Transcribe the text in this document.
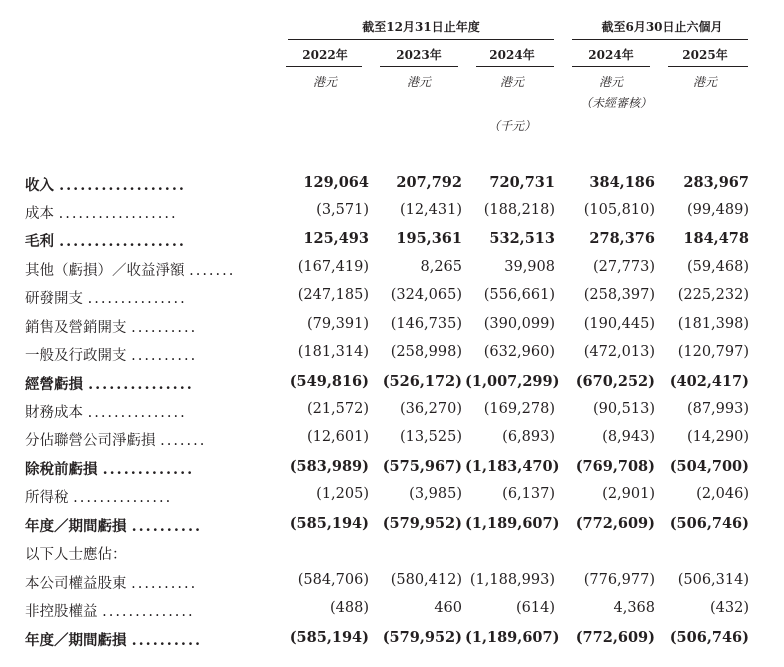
截至12月31日止年度	截至6月30日止六個月
2022年	2023年	2024年	2024年	2025年
港元	港元	港元	港元	港元
（未經審核）
（千元）
收入 ..................	129,064	207,792	720,731	384,186	283,967
成本 ..................	(3,571)	(12,431)	(188,218)	(105,810)	(99,489)
毛利 ..................	125,493	195,361	532,513	278,376	184,478
其他（虧損）／收益淨額 .......	(167,419)	8,265	39,908	(27,773)	(59,468)
研發開支 ...............	(247,185)	(324,065)	(556,661)	(258,397)	(225,232)
銷售及營銷開支 ..........	(79,391)	(146,735)	(390,099)	(190,445)	(181,398)
一般及行政開支 ..........	(181,314)	(258,998)	(632,960)	(472,013)	(120,797)
經營虧損 ...............	(549,816) (526,172) (1,007,299)	(670,252)	(402,417)
財務成本 ...............	(21,572)	(36,270)	(169,278)	(90,513)	(87,993)
分佔聯營公司淨虧損 .......	(12,601)	(13,525)	(6,893)	(8,943)	(14,290)
除稅前虧損 .............	(583,989) (575,967) (1,183,470)	(769,708)	(504,700)
所得稅 ...............	(1,205)	(3,985)	(6,137)	(2,901)	(2,046)
年度／期間虧損 ..........	(585,194) (579,952) (1,189,607)	(772,609)	(506,746)
以下人士應佔：
本公司權益股東 ..........	(584,706)	(580,412) (1,188,993)	(776,977)	(506,314)
非控股權益 ..............	(488)	460	(614)	4,368	(432)
年度／期間虧損 ..........	(585,194) (579,952) (1,189,607)	(772,609)	(506,746)
